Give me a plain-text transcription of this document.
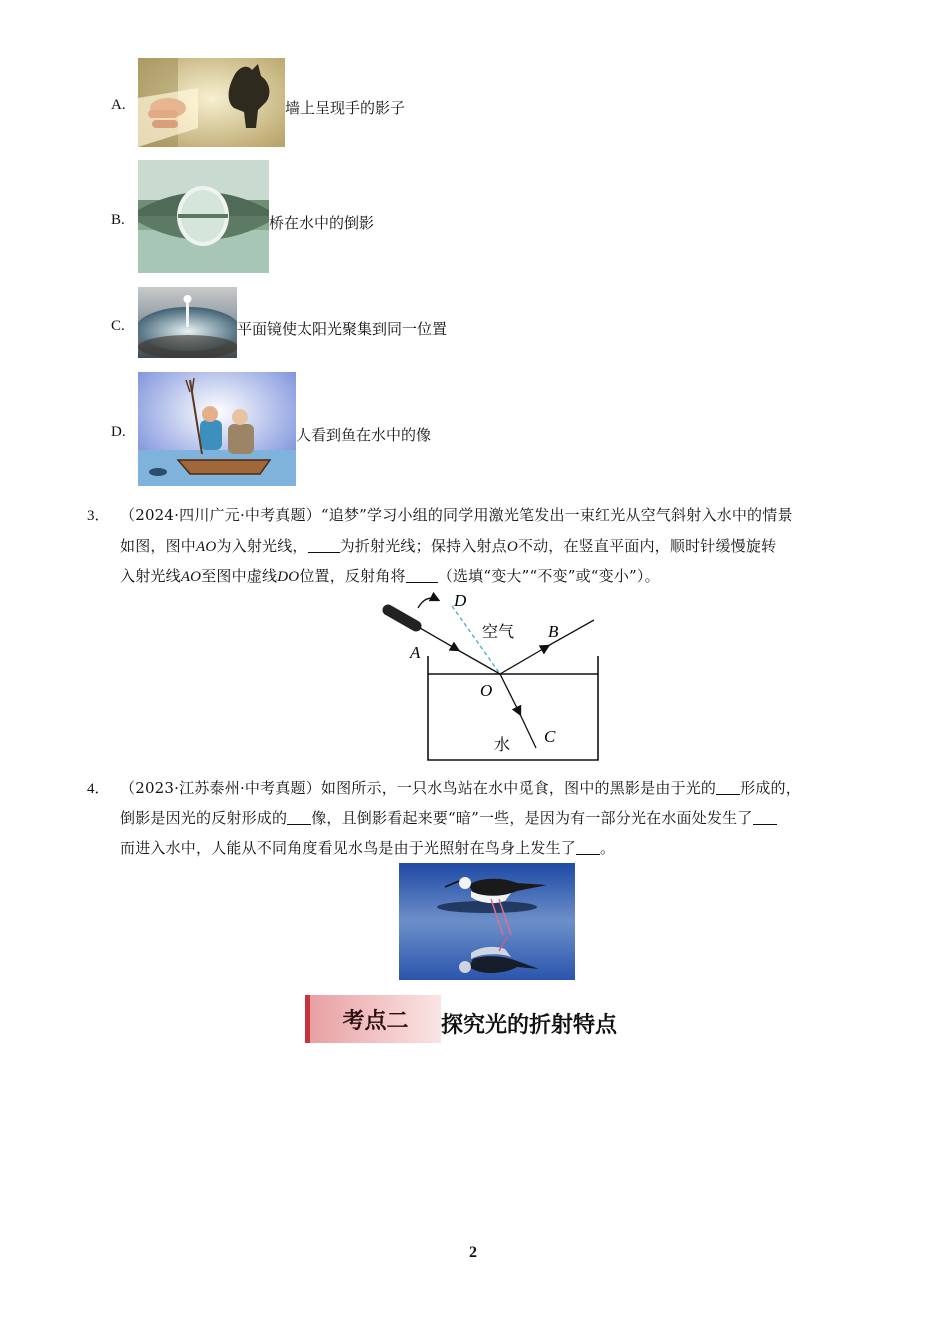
A.	墙上呈现手的影子
B.	桥在水中的倒影
C.	平面镜使太阳光聚集到同一位置
D.	人看到鱼在水中的像
3． （2024·四川广元·中考真题）“追梦”学习小组的同学用激光笔发出一束红光从空气斜射入水中的情景
如图，图中AO为入射光线， 为折射光线；保持入射点O不动，在竖直平面内，顺时针缓慢旋转
入射光线AO至图中虚线DO位置，反射角将 （选填“变大”“不变”或“变小”）。
D
空气 B
A
O
水 C
4． （2023·江苏泰州·中考真题）如图所示，一只水鸟站在水中觅食，图中的黑影是由于光的 形成的，
倒影是因光的反射形成的 像，且倒影看起来要“暗”一些，是因为有一部分光在水面处发生了
而进入水中，人能从不同角度看见水鸟是由于光照射在鸟身上发生了 。
考点二	探究光的折射特点
2
